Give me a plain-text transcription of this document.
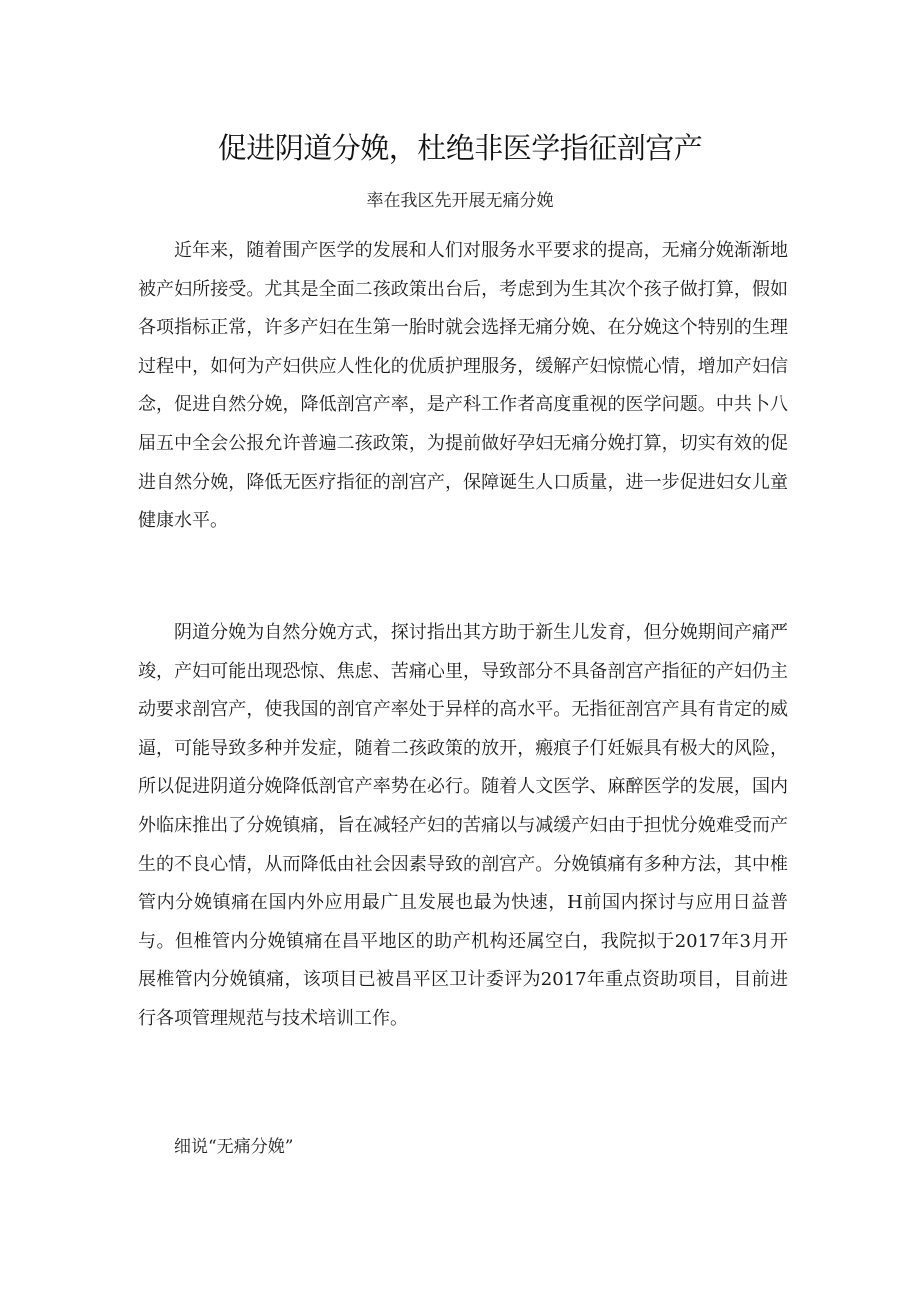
促进阴道分娩，杜绝非医学指征剖宫产

率在我区先开展无痛分娩

近年来，随着围产医学的发展和人们对服务水平要求的提高，无痛分娩渐渐地被产妇所接受。尤其是全面二孩政策出台后，考虑到为生其次个孩子做打算，假如各项指标正常，许多产妇在生第一胎时就会选择无痛分娩、在分娩这个特别的生理过程中，如何为产妇供应人性化的优质护理服务，缓解产妇惊慌心情，增加产妇信念，促进自然分娩，降低剖宫产率，是产科工作者高度重视的医学问题。中共卜八届五中全会公报允许普遍二孩政策，为提前做好孕妇无痛分娩打算，切实有效的促进自然分娩，降低无医疗指征的剖宫产，保障诞生人口质量，进一步促进妇女儿童健康水平。

阴道分娩为自然分娩方式，探讨指出其方助于新生儿发育，但分娩期间产痛严竣，产妇可能出现恐惊、焦虑、苦痛心里，导致部分不具备剖宫产指征的产妇仍主动要求剖宫产，使我国的剖官产率处于异样的高水平。无指征剖宫产具有肯定的威逼，可能导致多种并发症，随着二孩政策的放开，瘢痕子仃妊娠具有极大的风险，所以促进阴道分娩降低剖官产率势在必行。随着人文医学、麻醉医学的发展，国内外临床推出了分娩镇痛，旨在减轻产妇的苦痛以与减缓产妇由于担忧分娩难受而产生的不良心情，从而降低由社会因素导致的剖宫产。分娩镇痛有多种方法，其中椎管内分娩镇痛在国内外应用最广且发展也最为快速，H前国内探讨与应用日益普与。但椎管内分娩镇痛在昌平地区的助产机构还属空白，我院拟于2017年3月开展椎管内分娩镇痛，该项目已被昌平区卫计委评为2017年重点资助项目，目前进行各项管理规范与技术培训工作。

细说“无痛分娩”
